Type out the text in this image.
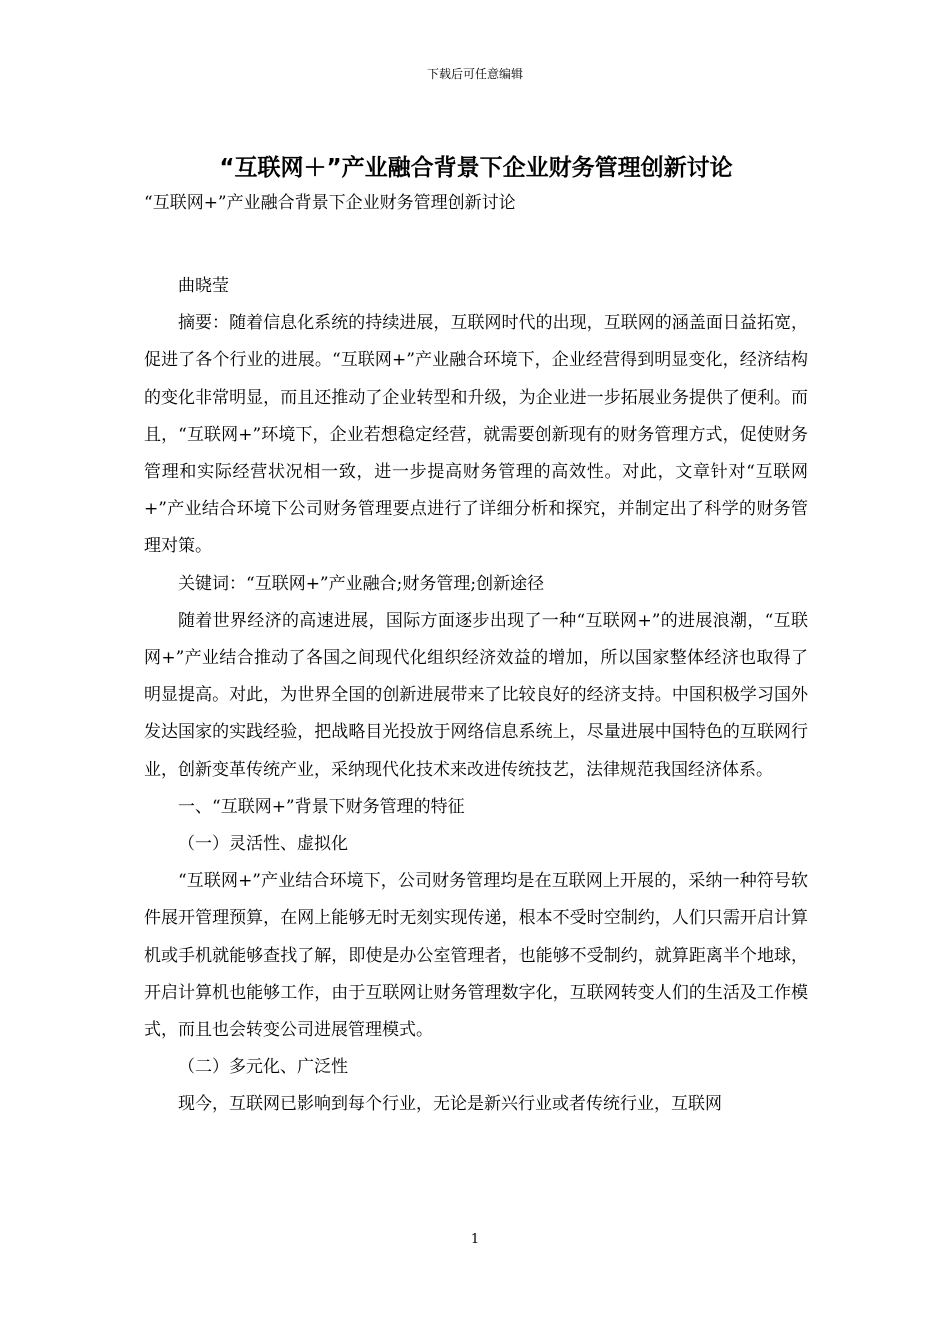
下载后可任意编辑
“互联网＋”产业融合背景下企业财务管理创新讨论

“互联网+”产业融合背景下企业财务管理创新讨论

曲晓莹

摘要：随着信息化系统的持续进展，互联网时代的出现，互联网的涵盖面日益拓宽，促进了各个行业的进展。“互联网+”产业融合环境下，企业经营得到明显变化，经济结构的变化非常明显，而且还推动了企业转型和升级，为企业进一步拓展业务提供了便利。而且，“互联网+”环境下，企业若想稳定经营，就需要创新现有的财务管理方式，促使财务管理和实际经营状况相一致，进一步提高财务管理的高效性。对此，文章针对“互联网+”产业结合环境下公司财务管理要点进行了详细分析和探究，并制定出了科学的财务管理对策。

关键词：“互联网+”产业融合;财务管理;创新途径

随着世界经济的高速进展，国际方面逐步出现了一种“互联网+”的进展浪潮，“互联网+”产业结合推动了各国之间现代化组织经济效益的增加，所以国家整体经济也取得了明显提高。对此，为世界全国的创新进展带来了比较良好的经济支持。中国积极学习国外发达国家的实践经验，把战略目光投放于网络信息系统上，尽量进展中国特色的互联网行业，创新变革传统产业，采纳现代化技术来改进传统技艺，法律规范我国经济体系。

一、“互联网+”背景下财务管理的特征

（一）灵活性、虚拟化

“互联网+”产业结合环境下，公司财务管理均是在互联网上开展的，采纳一种符号软件展开管理预算，在网上能够无时无刻实现传递，根本不受时空制约，人们只需开启计算机或手机就能够查找了解，即使是办公室管理者，也能够不受制约，就算距离半个地球，开启计算机也能够工作，由于互联网让财务管理数字化，互联网转变人们的生活及工作模式，而且也会转变公司进展管理模式。

（二）多元化、广泛性

现今，互联网已影响到每个行业，无论是新兴行业或者传统行业，互联网

1
